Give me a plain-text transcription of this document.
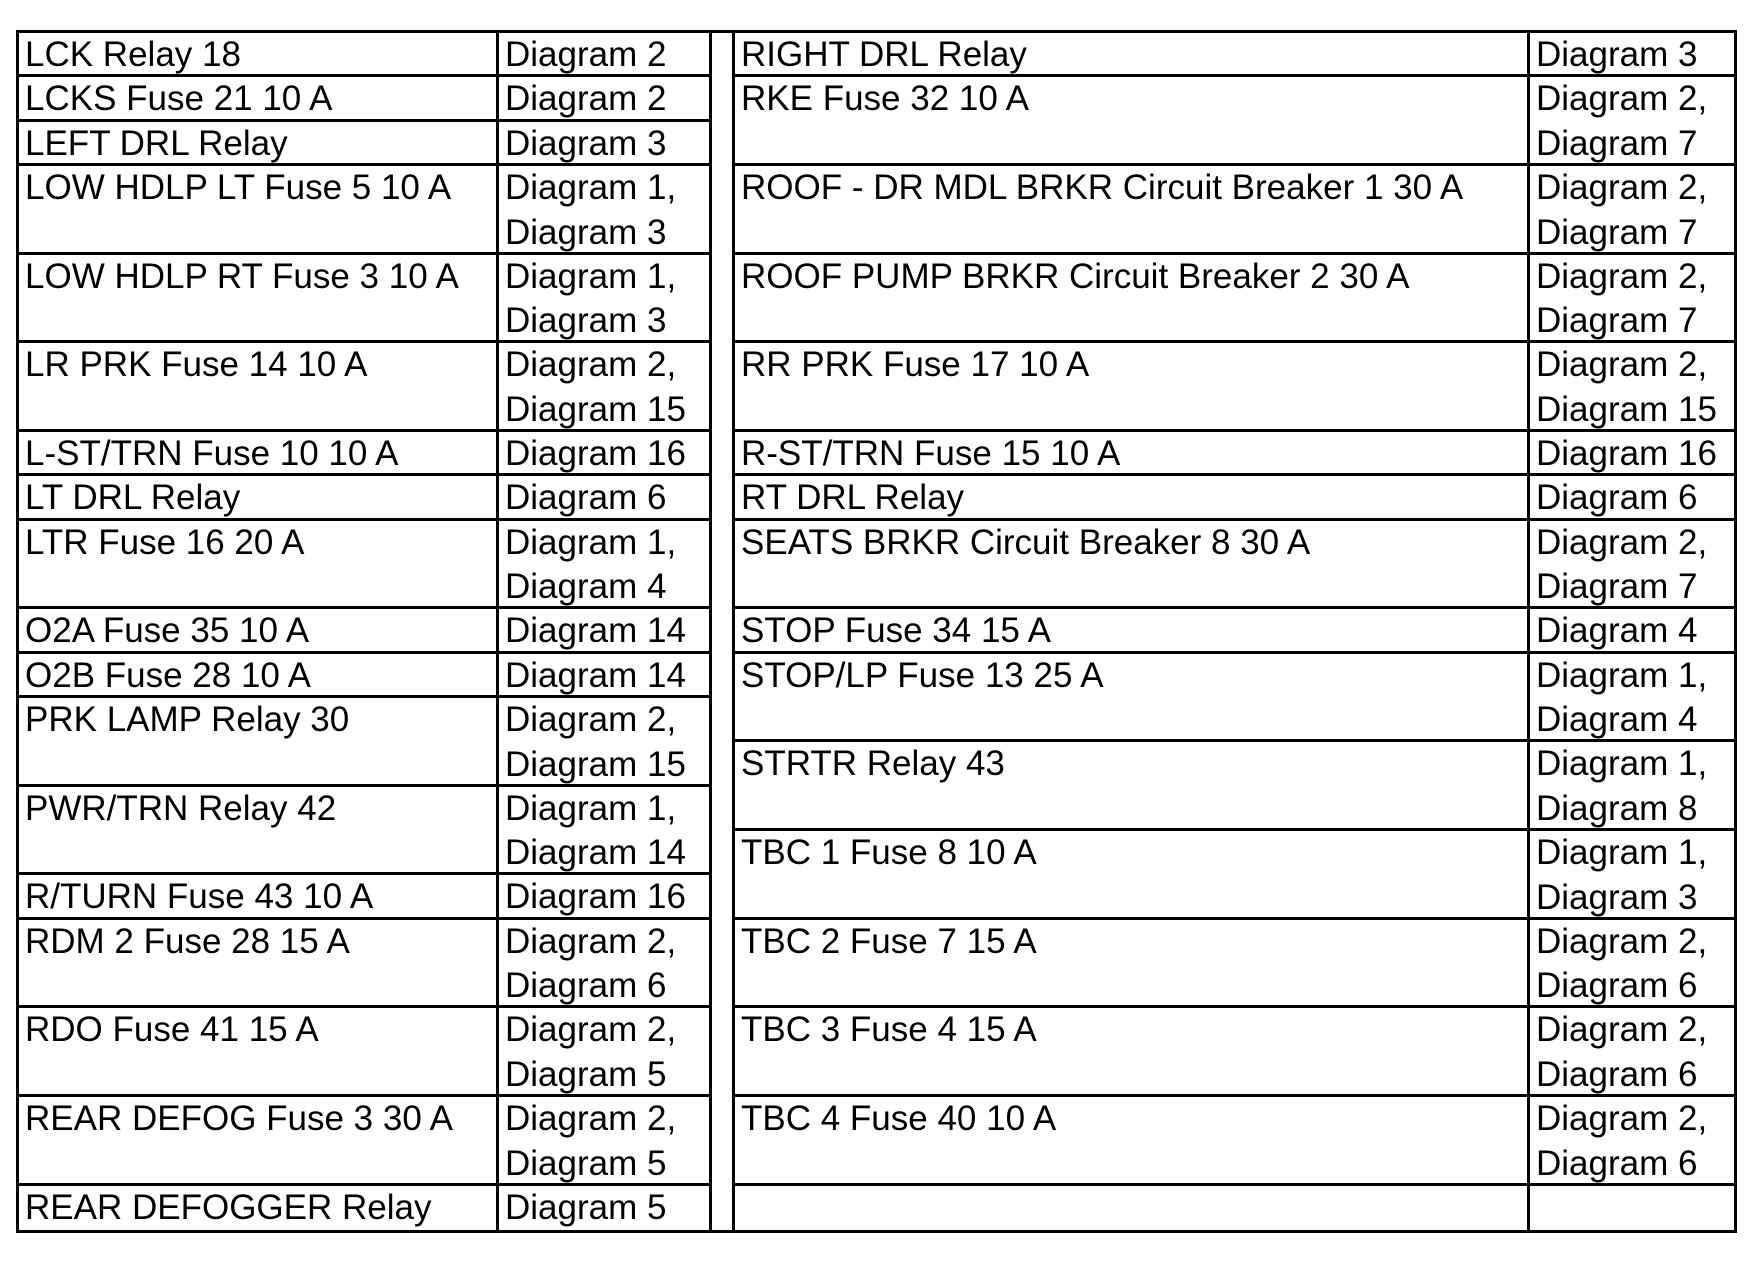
LCK Relay 18	Diagram 2
LCKS Fuse 21 10 A	Diagram 2
LEFT DRL Relay	Diagram 3
LOW HDLP LT Fuse 5 10 A	Diagram 1,
Diagram 3
LOW HDLP RT Fuse 3 10 A	Diagram 1,
Diagram 3
LR PRK Fuse 14 10 A	Diagram 2,
Diagram 15
L-ST/TRN Fuse 10 10 A	Diagram 16
LT DRL Relay	Diagram 6
LTR Fuse 16 20 A	Diagram 1,
Diagram 4
O2A Fuse 35 10 A	Diagram 14
O2B Fuse 28 10 A	Diagram 14
PRK LAMP Relay 30	Diagram 2,
Diagram 15
PWR/TRN Relay 42	Diagram 1,
Diagram 14
R/TURN Fuse 43 10 A	Diagram 16
RDM 2 Fuse 28 15 A	Diagram 2,
Diagram 6
RDO Fuse 41 15 A	Diagram 2,
Diagram 5
REAR DEFOG Fuse 3 30 A	Diagram 2,
Diagram 5
REAR DEFOGGER Relay	Diagram 5
RIGHT DRL Relay	Diagram 3
RKE Fuse 32 10 A	Diagram 2,
Diagram 7
ROOF - DR MDL BRKR Circuit Breaker 1 30 A	Diagram 2,
Diagram 7
ROOF PUMP BRKR Circuit Breaker 2 30 A	Diagram 2,
Diagram 7
RR PRK Fuse 17 10 A	Diagram 2,
Diagram 15
R-ST/TRN Fuse 15 10 A	Diagram 16
RT DRL Relay	Diagram 6
SEATS BRKR Circuit Breaker 8 30 A	Diagram 2,
Diagram 7
STOP Fuse 34 15 A	Diagram 4
STOP/LP Fuse 13 25 A	Diagram 1,
Diagram 4
STRTR Relay 43	Diagram 1,
Diagram 8
TBC 1 Fuse 8 10 A	Diagram 1,
Diagram 3
TBC 2 Fuse 7 15 A	Diagram 2,
Diagram 6
TBC 3 Fuse 4 15 A	Diagram 2,
Diagram 6
TBC 4 Fuse 40 10 A	Diagram 2,
Diagram 6
